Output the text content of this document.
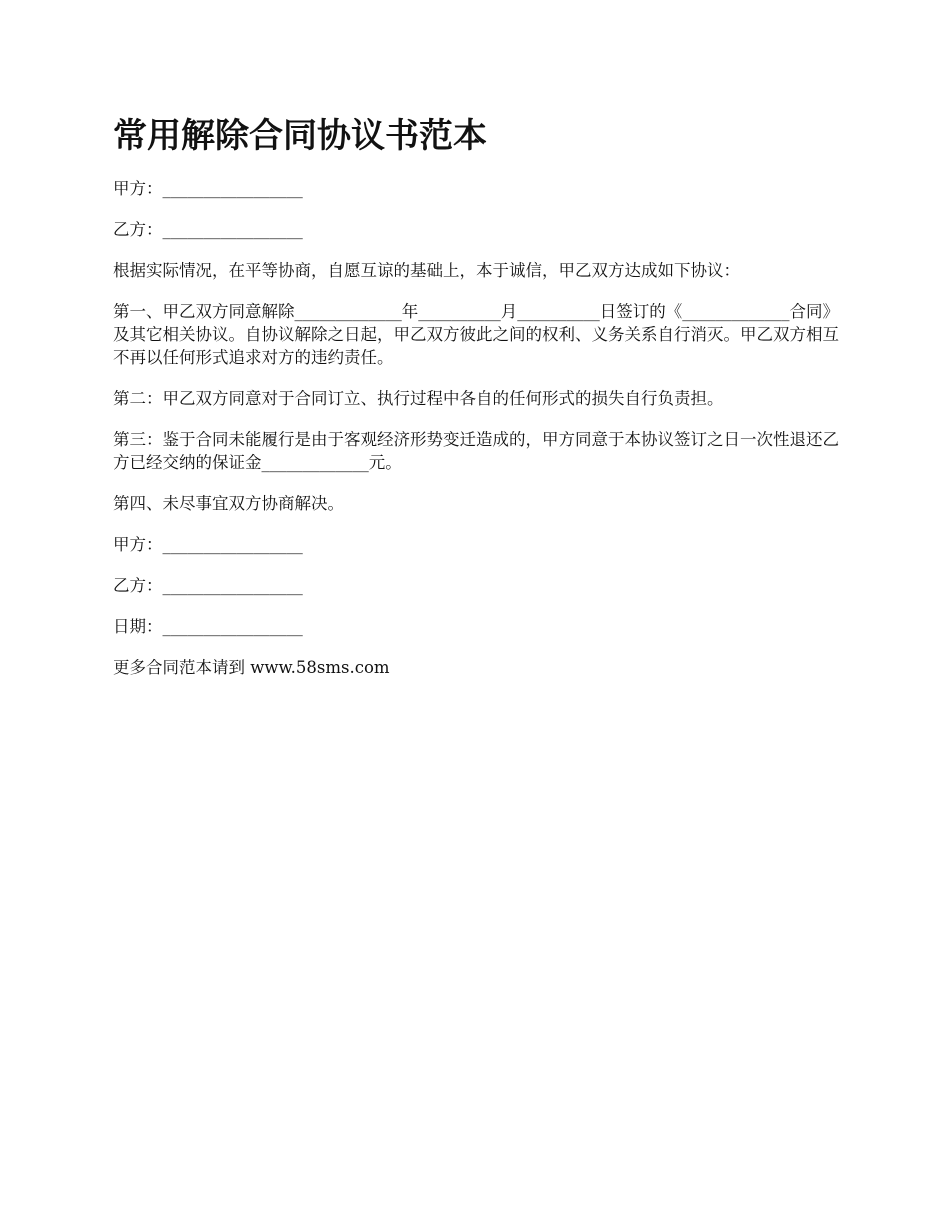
常用解除合同协议书范本
甲方：_________________
乙方：_________________
根据实际情况，在平等协商，自愿互谅的基础上，本于诚信，甲乙双方达成如下协议：
第一、甲乙双方同意解除_____________年__________月__________日签订的《_____________合同》及其它相关协议。自协议解除之日起，甲乙双方彼此之间的权利、义务关系自行消灭。甲乙双方相互不再以任何形式追求对方的违约责任。
第二：甲乙双方同意对于合同订立、执行过程中各自的任何形式的损失自行负责担。
第三：鉴于合同未能履行是由于客观经济形势变迁造成的，甲方同意于本协议签订之日一次性退还乙方已经交纳的保证金_____________元。
第四、未尽事宜双方协商解决。
甲方：_________________
乙方：_________________
日期：_________________
更多合同范本请到 www.58sms.com
